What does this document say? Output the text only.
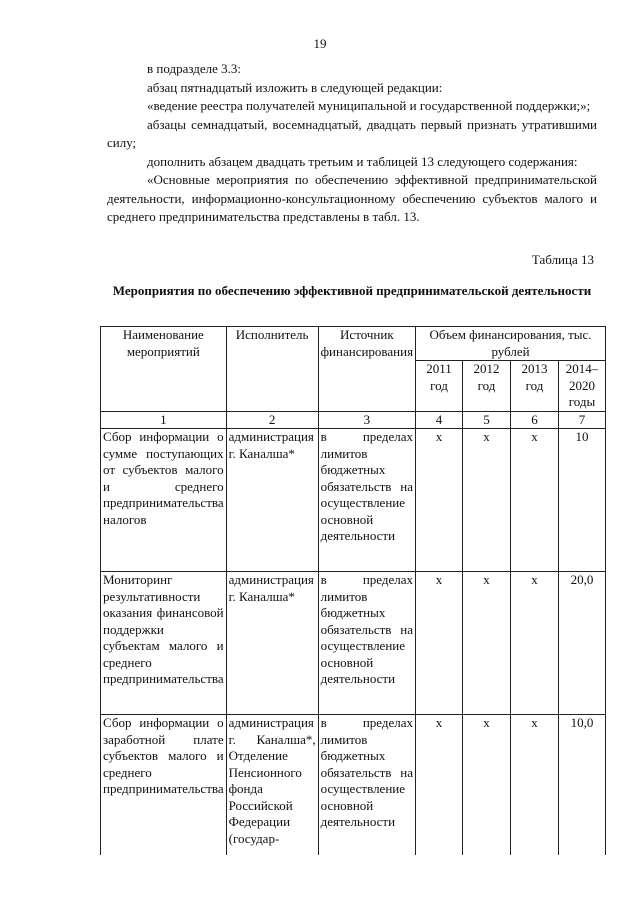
19

в подразделе 3.3:

абзац пятнадцатый изложить в следующей редакции:

«ведение реестра получателей муниципальной и государственной поддержки;»;

абзацы семнадцатый, восемнадцатый, двадцать первый признать утратившими силу;

дополнить абзацем двадцать третьим и таблицей 13 следующего содержания:

«Основные мероприятия по обеспечению эффективной предпринимательской деятельности, информационно-консультационному обеспечению субъектов малого и среднего предпринимательства представлены в табл. 13.

Таблица 13
Мероприятия по обеспечению эффективной предпринимательской деятельности
Наименование мероприятий	Исполнитель	Источник финансирования	Объем финансирования, тыс. рублей			
			2011 год	2012 год	2013 год	2014–2020 годы
1	2	3	4	5	6	7
Сбор информации о сумме поступающих от субъектов малого и среднего предпринимательства налогов	администрация г. Каналша*	в пределах лимитов бюджетных обязательств на осуществление основной деятельности	х	х	х	10
Мониторинг результативности оказания финансовой поддержки субъектам малого и среднего предпринимательства	администрация г. Каналша*	в пределах лимитов бюджетных обязательств на осуществление основной деятельности	х	х	х	20,0
Сбор информации о заработной плате субъектов малого и среднего предпринимательства	администрация г. Каналша*, Отделение Пенсионного фонда Российской Федерации (государ-	в пределах лимитов бюджетных обязательств на осуществление основной деятельности	х	х	х	10,0
